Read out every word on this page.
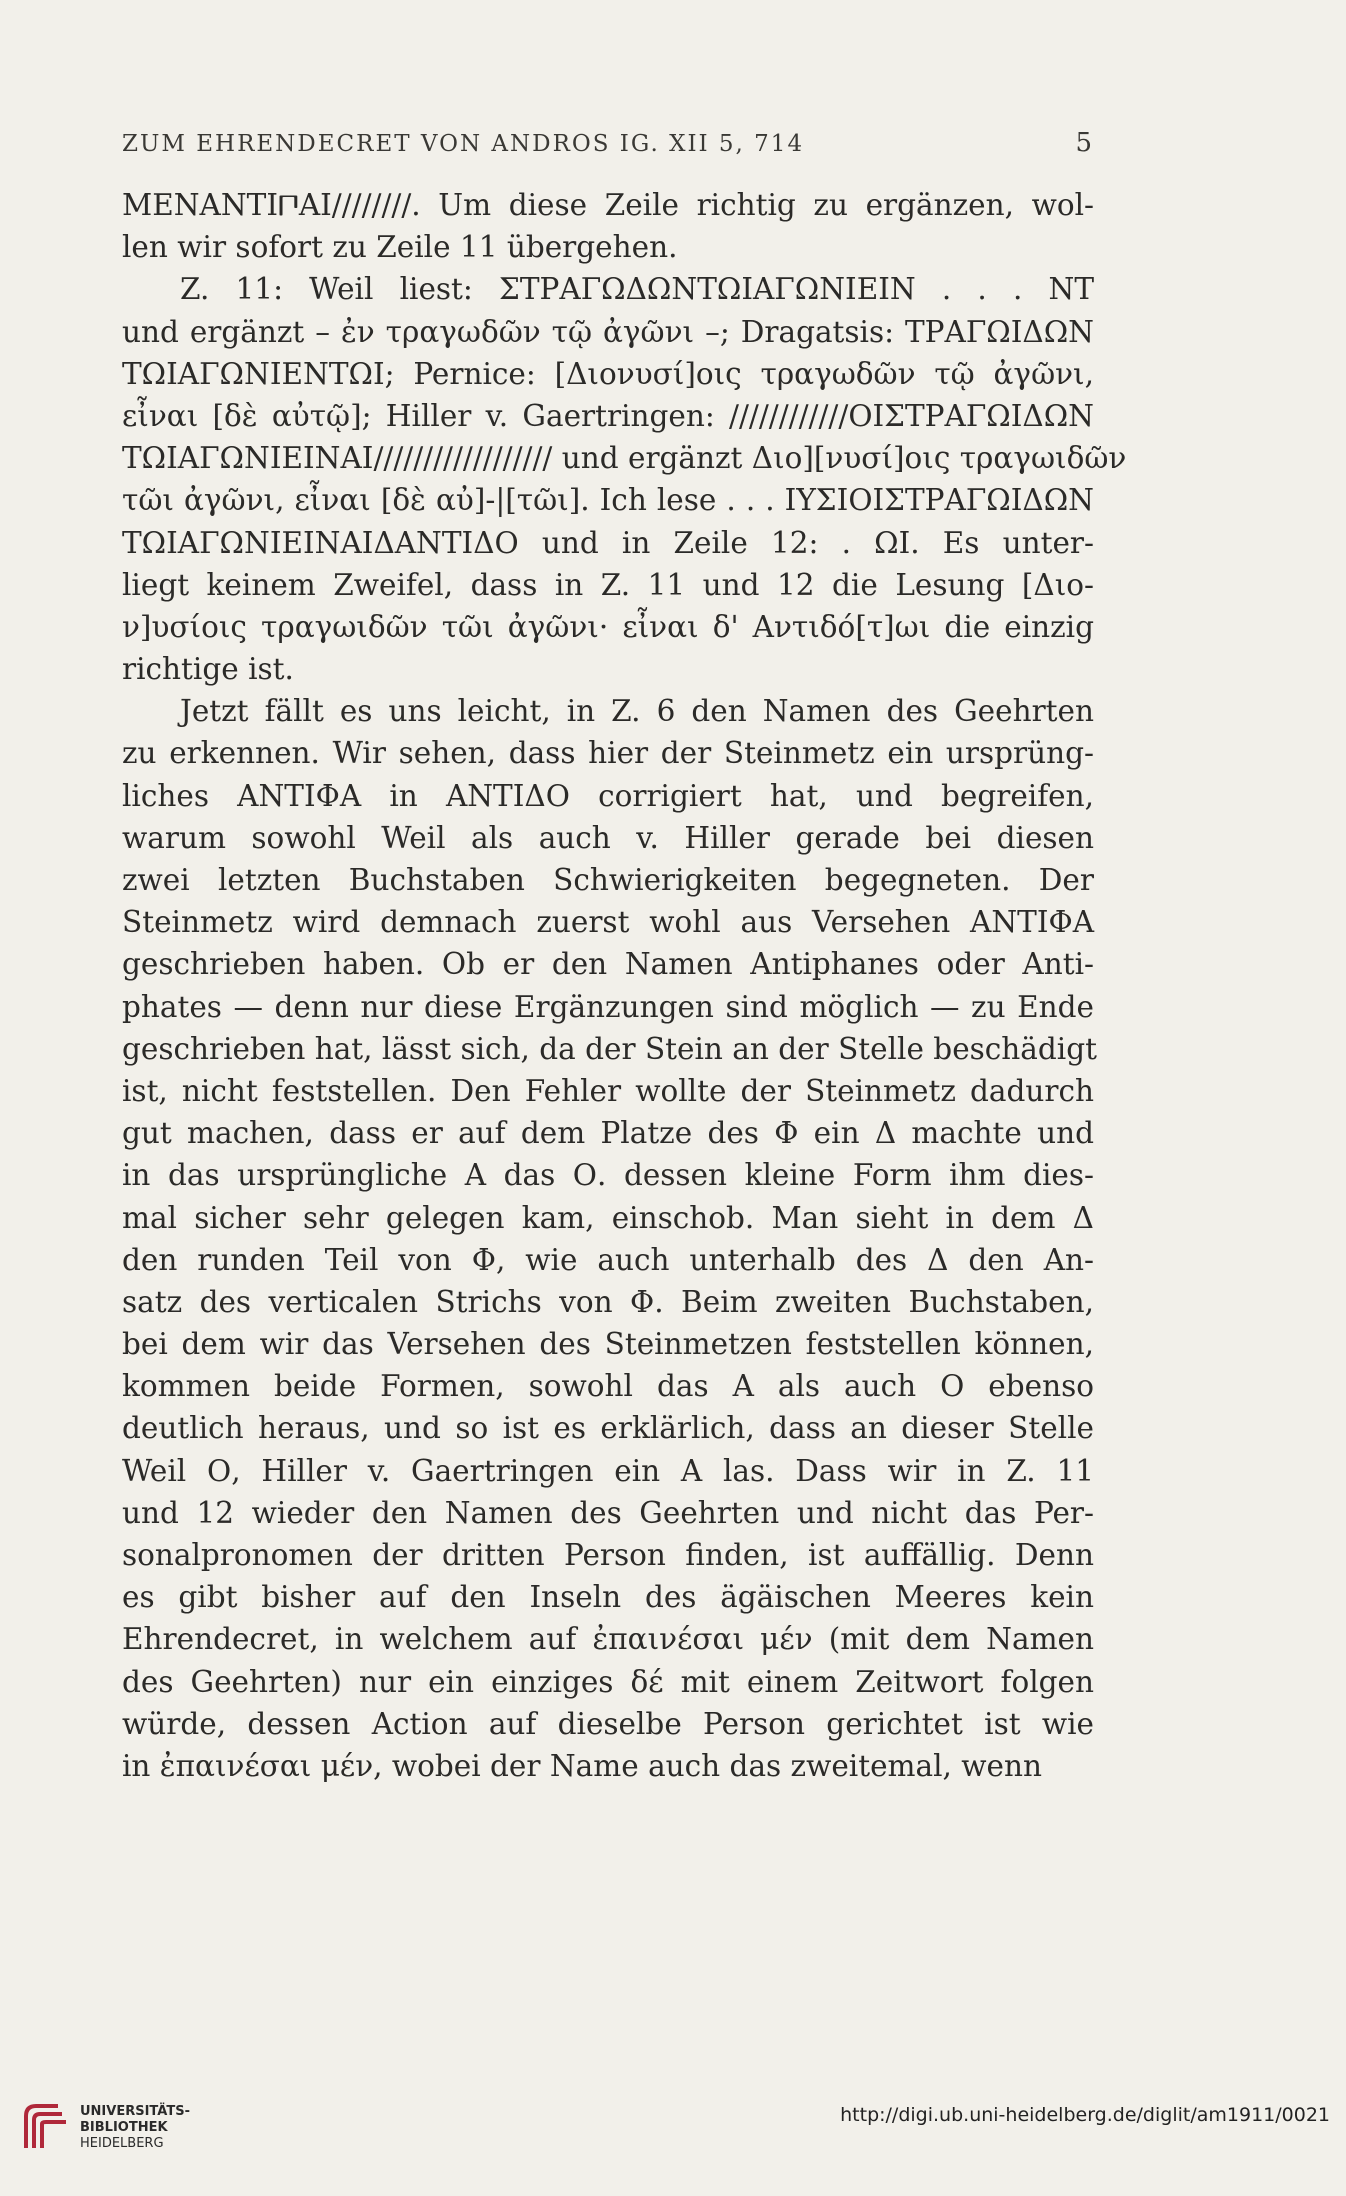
ZUM EHRENDECRET VON ANDROS IG. XII 5, 714	5
MENANTI𐅃ΑΙ////////. Um diese Zeile richtig zu ergänzen, wol-
len wir sofort zu Zeile 11 übergehen.
Z. 11: Weil liest: ΣΤΡΑΓΩΔΩΝΤΩΙΑΓΩΝΙΕΙΝ . . . ΝΤ
und ergänzt – ἐν τραγωδῶν τῷ ἀγῶνι –; Dragatsis: ΤΡΑΓΩΙΔΩΝ
ΤΩΙΑΓΩΝΙΕΝΤΩΙ; Pernice: [Διονυσί]οις τραγωδῶν τῷ ἀγῶνι,
εἶναι [δὲ αὐτῷ]; Hiller v. Gaertringen: ////////////ΟΙΣΤΡΑΓΩΙΔΩΝ
ΤΩΙΑΓΩΝΙΕΙΝΑΙ////////////////// und ergänzt Διο][νυσί]οις τραγωιδῶν
τῶι ἀγῶνι, εἶναι [δὲ αὐ]-|[τῶι]. Ich lese . . . ΙΥΣΙΟΙΣΤΡΑΓΩΙΔΩΝ
ΤΩΙΑΓΩΝΙΕΙΝΑΙΔΑΝΤΙΔΟ und in Zeile 12: . ΩΙ. Es unter-
liegt keinem Zweifel, dass in Z. 11 und 12 die Lesung [Διο-
ν]υσίοις τραγωιδῶν τῶι ἀγῶνι· εἶναι δ' Αντιδό[τ]ωι die einzig
richtige ist.
Jetzt fällt es uns leicht, in Z. 6 den Namen des Geehrten
zu erkennen. Wir sehen, dass hier der Steinmetz ein ursprüng-
liches ΑΝΤΙΦΑ in ΑΝΤΙΔΟ corrigiert hat, und begreifen,
warum sowohl Weil als auch v. Hiller gerade bei diesen
zwei letzten Buchstaben Schwierigkeiten begegneten. Der
Steinmetz wird demnach zuerst wohl aus Versehen ΑΝΤΙΦΑ
geschrieben haben. Ob er den Namen Antiphanes oder Anti-
phates — denn nur diese Ergänzungen sind möglich — zu Ende
geschrieben hat, lässt sich, da der Stein an der Stelle beschädigt
ist, nicht feststellen. Den Fehler wollte der Steinmetz dadurch
gut machen, dass er auf dem Platze des Φ ein Δ machte und
in das ursprüngliche Α das Ο. dessen kleine Form ihm dies-
mal sicher sehr gelegen kam, einschob. Man sieht in dem Δ
den runden Teil von Φ, wie auch unterhalb des Δ den An-
satz des verticalen Strichs von Φ. Beim zweiten Buchstaben,
bei dem wir das Versehen des Steinmetzen feststellen können,
kommen beide Formen, sowohl das Α als auch Ο ebenso
deutlich heraus, und so ist es erklärlich, dass an dieser Stelle
Weil Ο, Hiller v. Gaertringen ein Α las. Dass wir in Z. 11
und 12 wieder den Namen des Geehrten und nicht das Per-
sonalpronomen der dritten Person finden, ist auffällig. Denn
es gibt bisher auf den Inseln des ägäischen Meeres kein
Ehrendecret, in welchem auf ἐπαινέσαι μέν (mit dem Namen
des Geehrten) nur ein einziges δέ mit einem Zeitwort folgen
würde, dessen Action auf dieselbe Person gerichtet ist wie
in ἐπαινέσαι μέν, wobei der Name auch das zweitemal, wenn
UNIVERSITÄTS-
BIBLIOTHEK
HEIDELBERG
http://digi.ub.uni-heidelberg.de/diglit/am1911/0021
